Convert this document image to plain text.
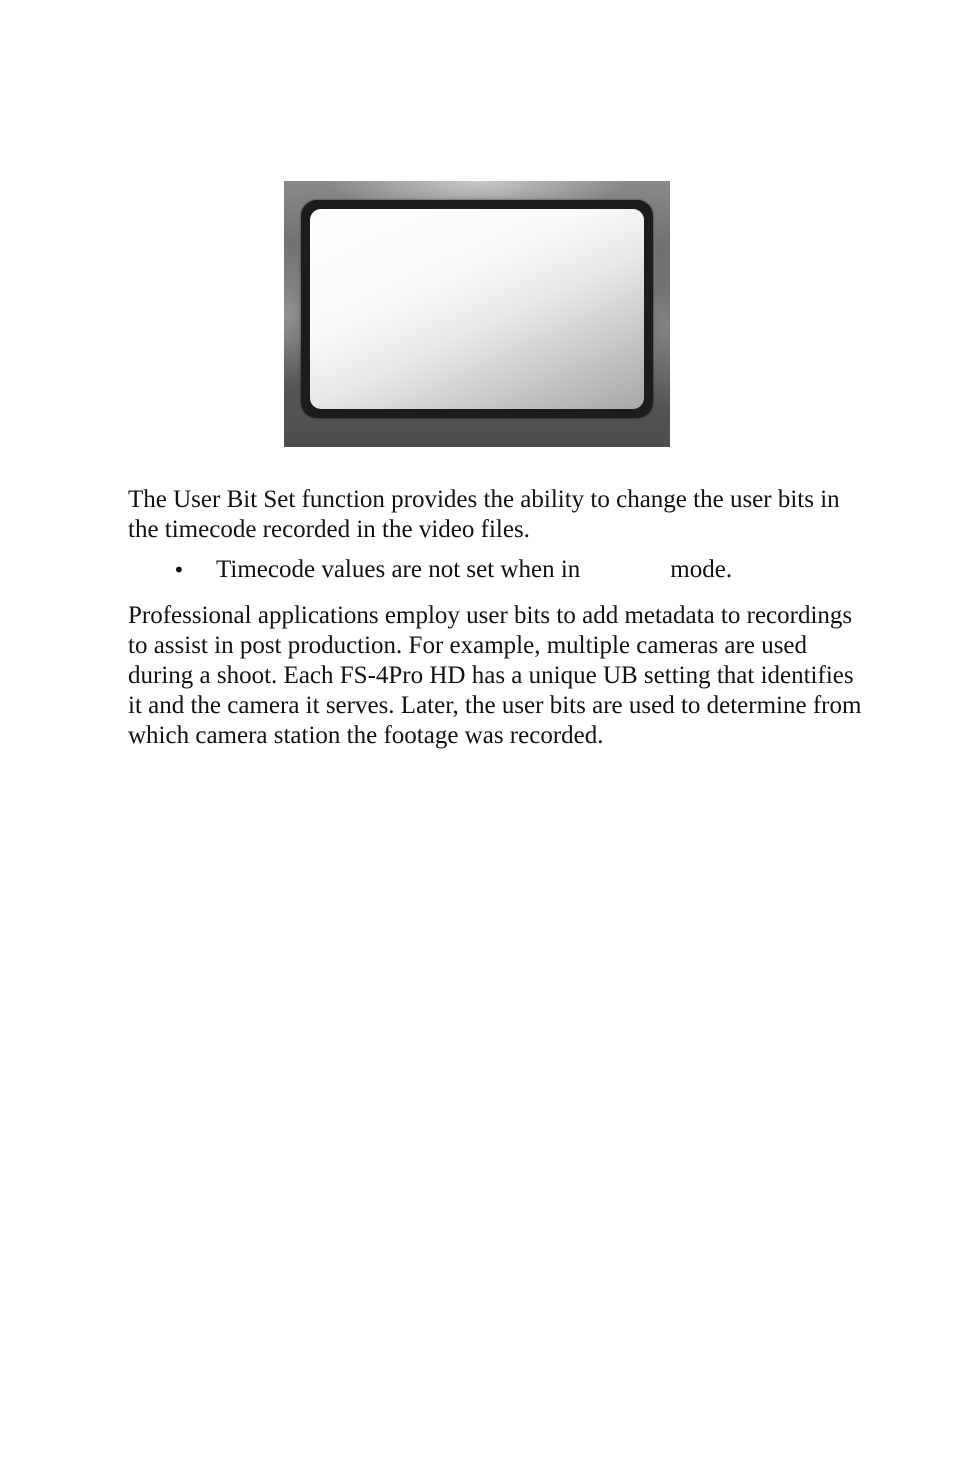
The User Bit Set function provides the ability to change the user bits in the timecode recorded in the video files.

• Timecode values are not set when in	mode.

Professional applications employ user bits to add metadata to recordings to assist in post production. For example, multiple cameras are used during a shoot. Each FS-4Pro HD has a unique UB setting that identifies it and the camera it serves. Later, the user bits are used to determine from which camera station the footage was recorded.
